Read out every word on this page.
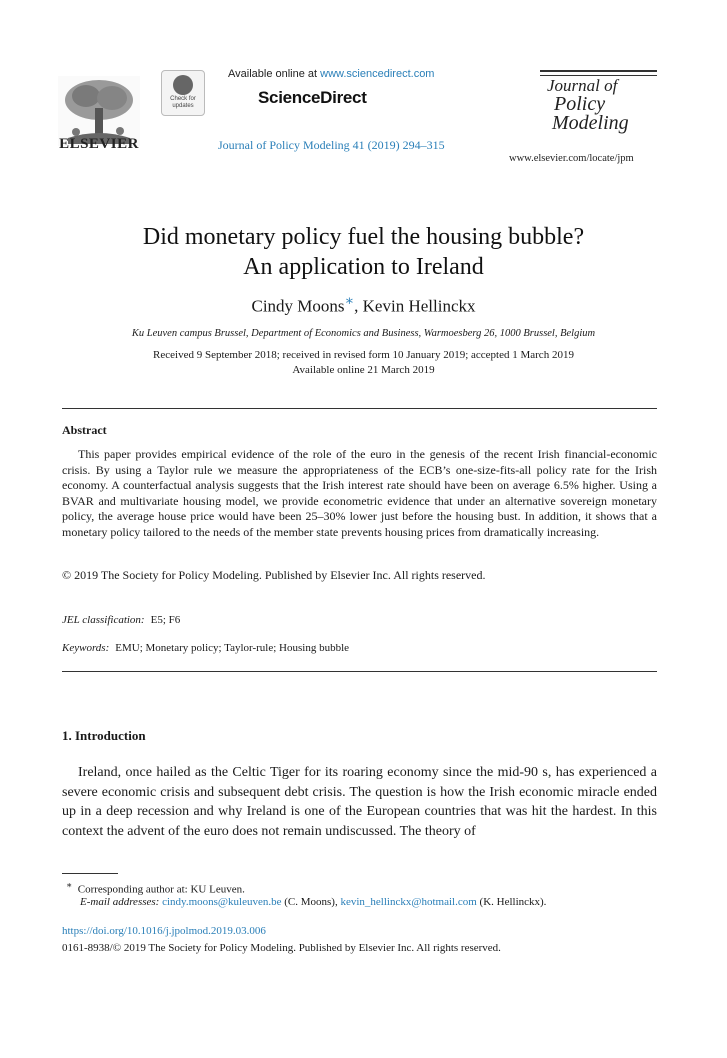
ELSEVIER
Check for updates
Available online at www.sciencedirect.com
ScienceDirect
Journal of Policy Modeling 41 (2019) 294–315
Journal of
Policy
Modeling
www.elsevier.com/locate/jpm
Did monetary policy fuel the housing bubble?
An application to Ireland
Cindy Moons∗, Kevin Hellinckx
Ku Leuven campus Brussel, Department of Economics and Business, Warmoesberg 26, 1000 Brussel, Belgium
Received 9 September 2018; received in revised form 10 January 2019; accepted 1 March 2019
Available online 21 March 2019
Abstract
This paper provides empirical evidence of the role of the euro in the genesis of the recent Irish financial-economic crisis. By using a Taylor rule we measure the appropriateness of the ECB’s one-size-fits-all policy rate for the Irish economy. A counterfactual analysis suggests that the Irish interest rate should have been on average 6.5% higher. Using a BVAR and multivariate housing model, we provide econometric evidence that under an alternative sovereign monetary policy, the average house price would have been 25–30% lower just before the housing bust. In addition, it shows that a monetary policy tailored to the needs of the member state prevents housing prices from dramatically increasing.
© 2019 The Society for Policy Modeling. Published by Elsevier Inc. All rights reserved.
JEL classification: E5; F6
Keywords: EMU; Monetary policy; Taylor-rule; Housing bubble
1. Introduction
Ireland, once hailed as the Celtic Tiger for its roaring economy since the mid-90 s, has experienced a severe economic crisis and subsequent debt crisis. The question is how the Irish economic miracle ended up in a deep recession and why Ireland is one of the European countries that was hit the hardest. In this context the advent of the euro does not remain undiscussed. The theory of
∗ Corresponding author at: KU Leuven.
E-mail addresses: cindy.moons@kuleuven.be (C. Moons), kevin_hellinckx@hotmail.com (K. Hellinckx).
https://doi.org/10.1016/j.jpolmod.2019.03.006
0161-8938/© 2019 The Society for Policy Modeling. Published by Elsevier Inc. All rights reserved.
